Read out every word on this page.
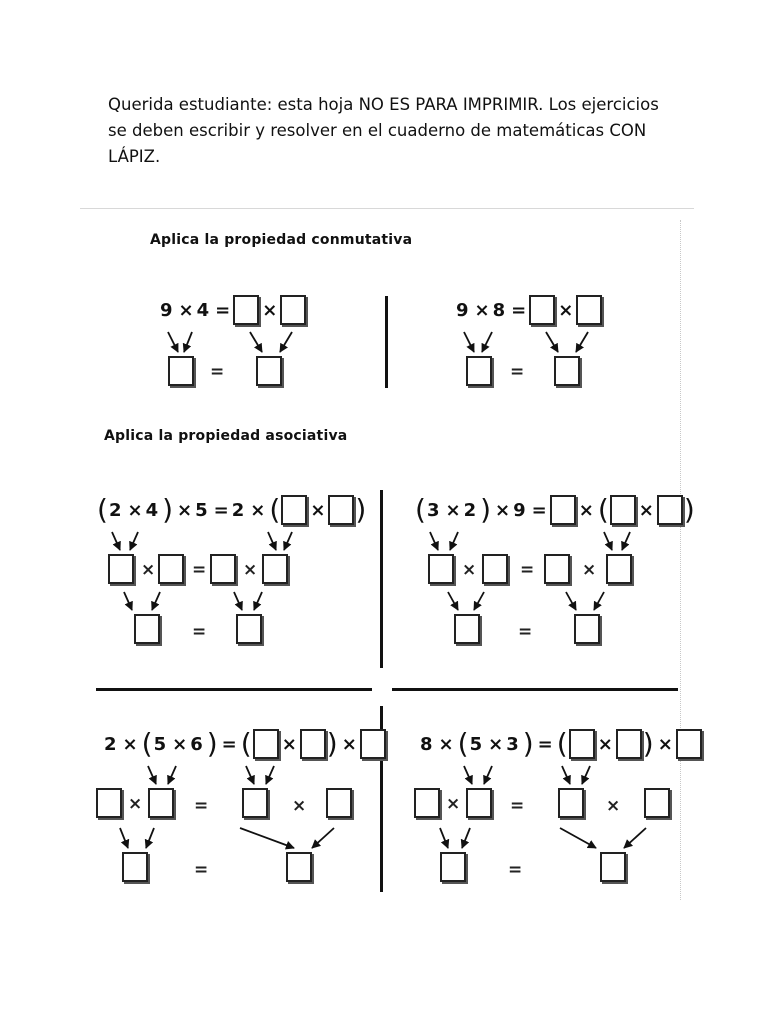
Querida estudiante: esta hoja NO ES PARA IMPRIMIR. Los ejercicios se deben escribir y resolver en el cuaderno de matemáticas CON LÁPIZ.

Aplica la propiedad conmutativa

9 × 4 = ×
=
9 × 8 = ×
=

Aplica la propiedad asociativa

( 2 × 4 ) × 5 = 2 × ( × )
× = ×
=
( 3 × 2 ) × 9 = × ( × )
×	=	×
=
2 × ( 5 × 6 ) = ( × ) ×
×	=	×
=
8 × ( 5 × 3 ) = ( × ) ×
×	=	×
=
